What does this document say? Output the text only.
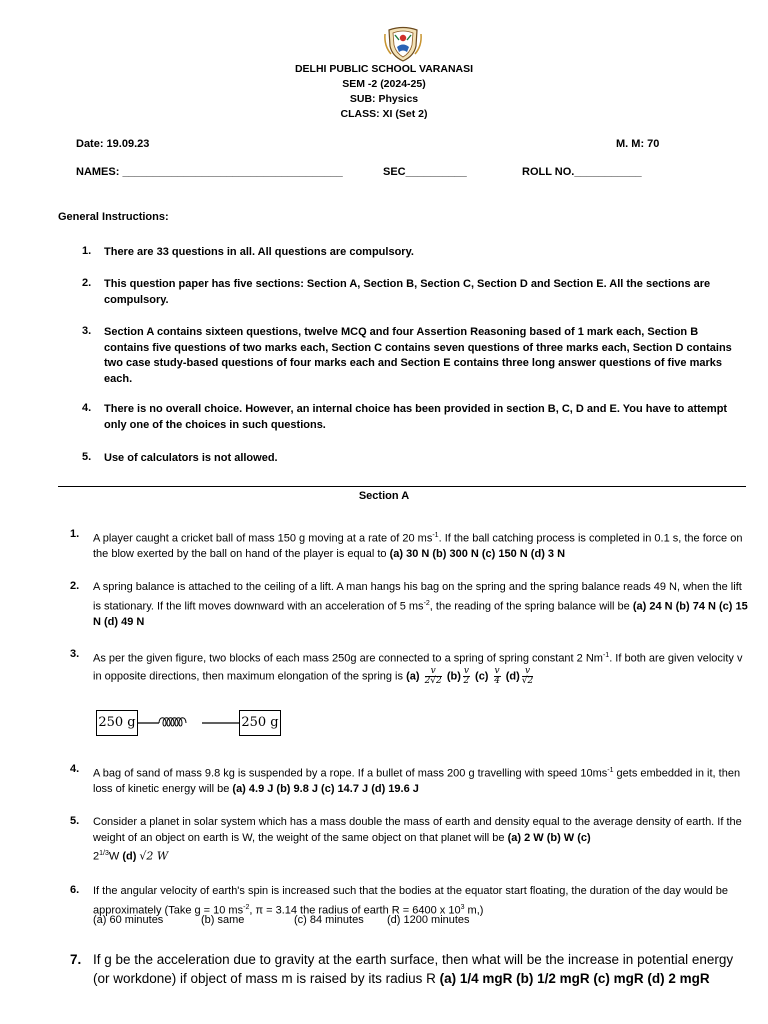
DELHI PUBLIC SCHOOL VARANASI
SEM -2 (2024-25)
SUB: Physics
CLASS: XI (Set 2)
Date: 19.09.23	M. M: 70
NAMES: ____________________________________	SEC__________	ROLL NO.___________
General Instructions:
1. There are 33 questions in all. All questions are compulsory.
2. This question paper has five sections: Section A, Section B, Section C, Section D and Section E. All the sections are compulsory.
3. Section A contains sixteen questions, twelve MCQ and four Assertion Reasoning based of 1 mark each, Section B contains five questions of two marks each, Section C contains seven questions of three marks each, Section D contains two case study-based questions of four marks each and Section E contains three long answer questions of five marks each.
4. There is no overall choice. However, an internal choice has been provided in section B, C, D and E. You have to attempt only one of the choices in such questions.
5. Use of calculators is not allowed.
Section A
1. A player caught a cricket ball of mass 150 g moving at a rate of 20 $ms^{-1}$. If the ball catching process is completed in 0.1 s, the force on the blow exerted by the ball on hand of the player is equal to (a) 30 N (b) 300 N (c) 150 N (d) 3 N
2. A spring balance is attached to the ceiling of a lift. A man hangs his bag on the spring and the spring balance reads 49 N, when the lift is stationary. If the lift moves downward with an acceleration of 5 $ms^{-2}$, the reading of the spring balance will be (a) 24 N (b) 74 N (c) 15 N (d) 49 N
3. As per the given figure, two blocks of each mass 250g are connected to a spring of spring constant 2 $Nm^{-1}$. If both are given velocity v in opposite directions, then maximum elongation of the spring is $(a) \frac{v}{2√2} (b) \frac{v}{2} (c) \frac{v}{4} (d) \frac{v}{√2}$
250 g	250 g
4. A bag of sand of mass 9.8 kg is suspended by a rope. If a bullet of mass 200 g travelling with speed $10ms^{-1}$ gets embedded in it, then loss of kinetic energy will be (a) 4.9 J (b) 9.8 J (c) 14.7 J (d) 19.6 J
5. Consider a planet in solar system which has a mass double the mass of earth and density equal to the average density of earth. If the weight of an object on earth is W, the weight of the same object on that planet will be (a) 2 W (b) W (c)
$2^{1/3}W$ (d) √2 W
6. If the angular velocity of earth's spin is increased such that the bodies at the equator start floating, the duration of the day would be approximately (Take g = 10 $ms^{-2}$, π = 3.14 the radius of earth R = 6400 x $10^3$ m,)
(a) 60 minutes	(b) same	(c) 84 minutes (d) 1200 minutes
7. If g be the acceleration due to gravity at the earth surface, then what will be the increase in potential energy (or workdone) if object of mass m is raised by its radius R (a) 1/4 mgR (b) 1/2 mgR (c) mgR (d) 2 mgR
